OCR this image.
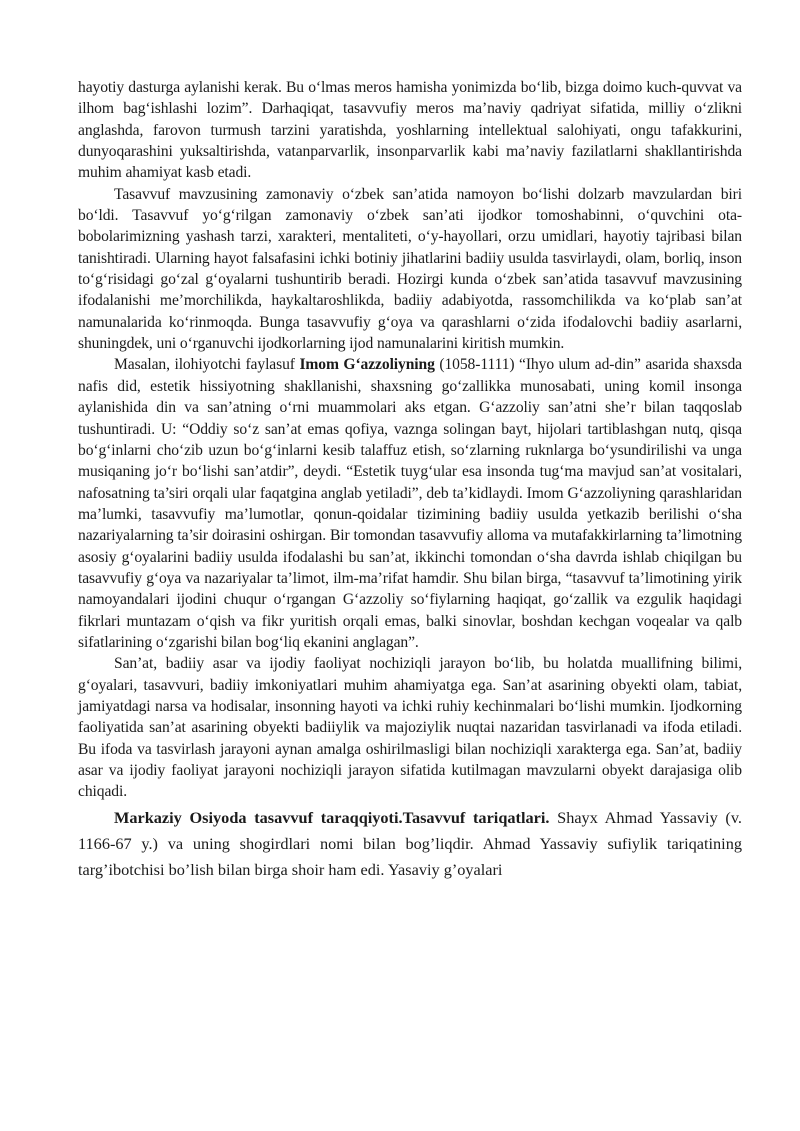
hayotiy dasturga aylanishi kerak. Bu o‘lmas meros hamisha yonimizda bo‘lib, bizga doimo kuch-quvvat va ilhom bag‘ishlashi lozim”. Darhaqiqat, tasavvufiy meros ma’naviy qadriyat sifatida, milliy o‘zlikni anglashda, farovon turmush tarzini yaratishda, yoshlarning intellektual salohiyati, ongu tafakkurini, dunyoqarashini yuksaltirishda, vatanparvarlik, insonparvarlik kabi ma’naviy fazilatlarni shakllantirishda muhim ahamiyat kasb etadi.

Tasavvuf mavzusining zamonaviy o‘zbek san’atida namoyon bo‘lishi dolzarb mavzulardan biri bo‘ldi. Tasavvuf yo‘g‘rilgan zamonaviy o‘zbek san’ati ijodkor tomoshabinni, o‘quvchini ota-bobolarimizning yashash tarzi, xarakteri, mentaliteti, o‘y-hayollari, orzu umidlari, hayotiy tajribasi bilan tanishtiradi. Ularning hayot falsafasini ichki botiniy jihatlarini badiiy usulda tasvirlaydi, olam, borliq, inson to‘g‘risidagi go‘zal g‘oyalarni tushuntirib beradi. Hozirgi kunda o‘zbek san’atida tasavvuf mavzusining ifodalanishi me’morchilikda, haykaltaroshlikda, badiiy adabiyotda, rassomchilikda va ko‘plab san’at namunalarida ko‘rinmoqda. Bunga tasavvufiy g‘oya va qarashlarni o‘zida ifodalovchi badiiy asarlarni, shuningdek, uni o‘rganuvchi ijodkorlarning ijod namunalarini kiritish mumkin.

Masalan, ilohiyotchi faylasuf Imom G‘azzoliyning (1058-1111) “Ihyo ulum ad-din” asarida shaxsda nafis did, estetik hissiyotning shakllanishi, shaxsning go‘zallikka munosabati, uning komil insonga aylanishida din va san’atning o‘rni muammolari aks etgan. G‘azzoliy san’atni she’r bilan taqqoslab tushuntiradi. U: “Oddiy so‘z san’at emas qofiya, vaznga solingan bayt, hijolari tartiblashgan nutq, qisqa bo‘g‘inlarni cho‘zib uzun bo‘g‘inlarni kesib talaffuz etish, so‘zlarning ruknlarga bo‘ysundirilishi va unga musiqaning jo‘r bo‘lishi san’atdir”, deydi. “Estetik tuyg‘ular esa insonda tug‘ma mavjud san’at vositalari, nafosatning ta’siri orqali ular faqatgina anglab yetiladi”, deb ta’kidlaydi. Imom G‘azzoliyning qarashlaridan ma’lumki, tasavvufiy ma’lumotlar, qonun-qoidalar tizimining badiiy usulda yetkazib berilishi o‘sha nazariyalarning ta’sir doirasini oshirgan. Bir tomondan tasavvufiy alloma va mutafakkirlarning ta’limotning asosiy g‘oyalarini badiiy usulda ifodalashi bu san’at, ikkinchi tomondan o‘sha davrda ishlab chiqilgan bu tasavvufiy g‘oya va nazariyalar ta’limot, ilm-ma’rifat hamdir. Shu bilan birga, “tasavvuf ta’limotining yirik namoyandalari ijodini chuqur o‘rgangan G‘azzoliy so‘fiylarning haqiqat, go‘zallik va ezgulik haqidagi fikrlari muntazam o‘qish va fikr yuritish orqali emas, balki sinovlar, boshdan kechgan voqealar va qalb sifatlarining o‘zgarishi bilan bog‘liq ekanini anglagan”.

San’at, badiiy asar va ijodiy faoliyat nochiziqli jarayon bo‘lib, bu holatda muallifning bilimi, g‘oyalari, tasavvuri, badiiy imkoniyatlari muhim ahamiyatga ega. San’at asarining obyekti olam, tabiat, jamiyatdagi narsa va hodisalar, insonning hayoti va ichki ruhiy kechinmalari bo‘lishi mumkin. Ijodkorning faoliyatida san’at asarining obyekti badiiylik va majoziylik nuqtai nazaridan tasvirlanadi va ifoda etiladi. Bu ifoda va tasvirlash jarayoni aynan amalga oshirilmasligi bilan nochiziqli xarakterga ega. San’at, badiiy asar va ijodiy faoliyat jarayoni nochiziqli jarayon sifatida kutilmagan mavzularni obyekt darajasiga olib chiqadi.

Markaziy Osiyoda tasavvuf taraqqiyoti.Tasavvuf tariqatlari. Shayx Ahmad Yassaviy (v. 1166-67 y.) va uning shogirdlari nomi bilan bog’liqdir. Ahmad Yassaviy sufiylik tariqatining targ’ibotchisi bo’lish bilan birga shoir ham edi. Yasaviy g’oyalari
